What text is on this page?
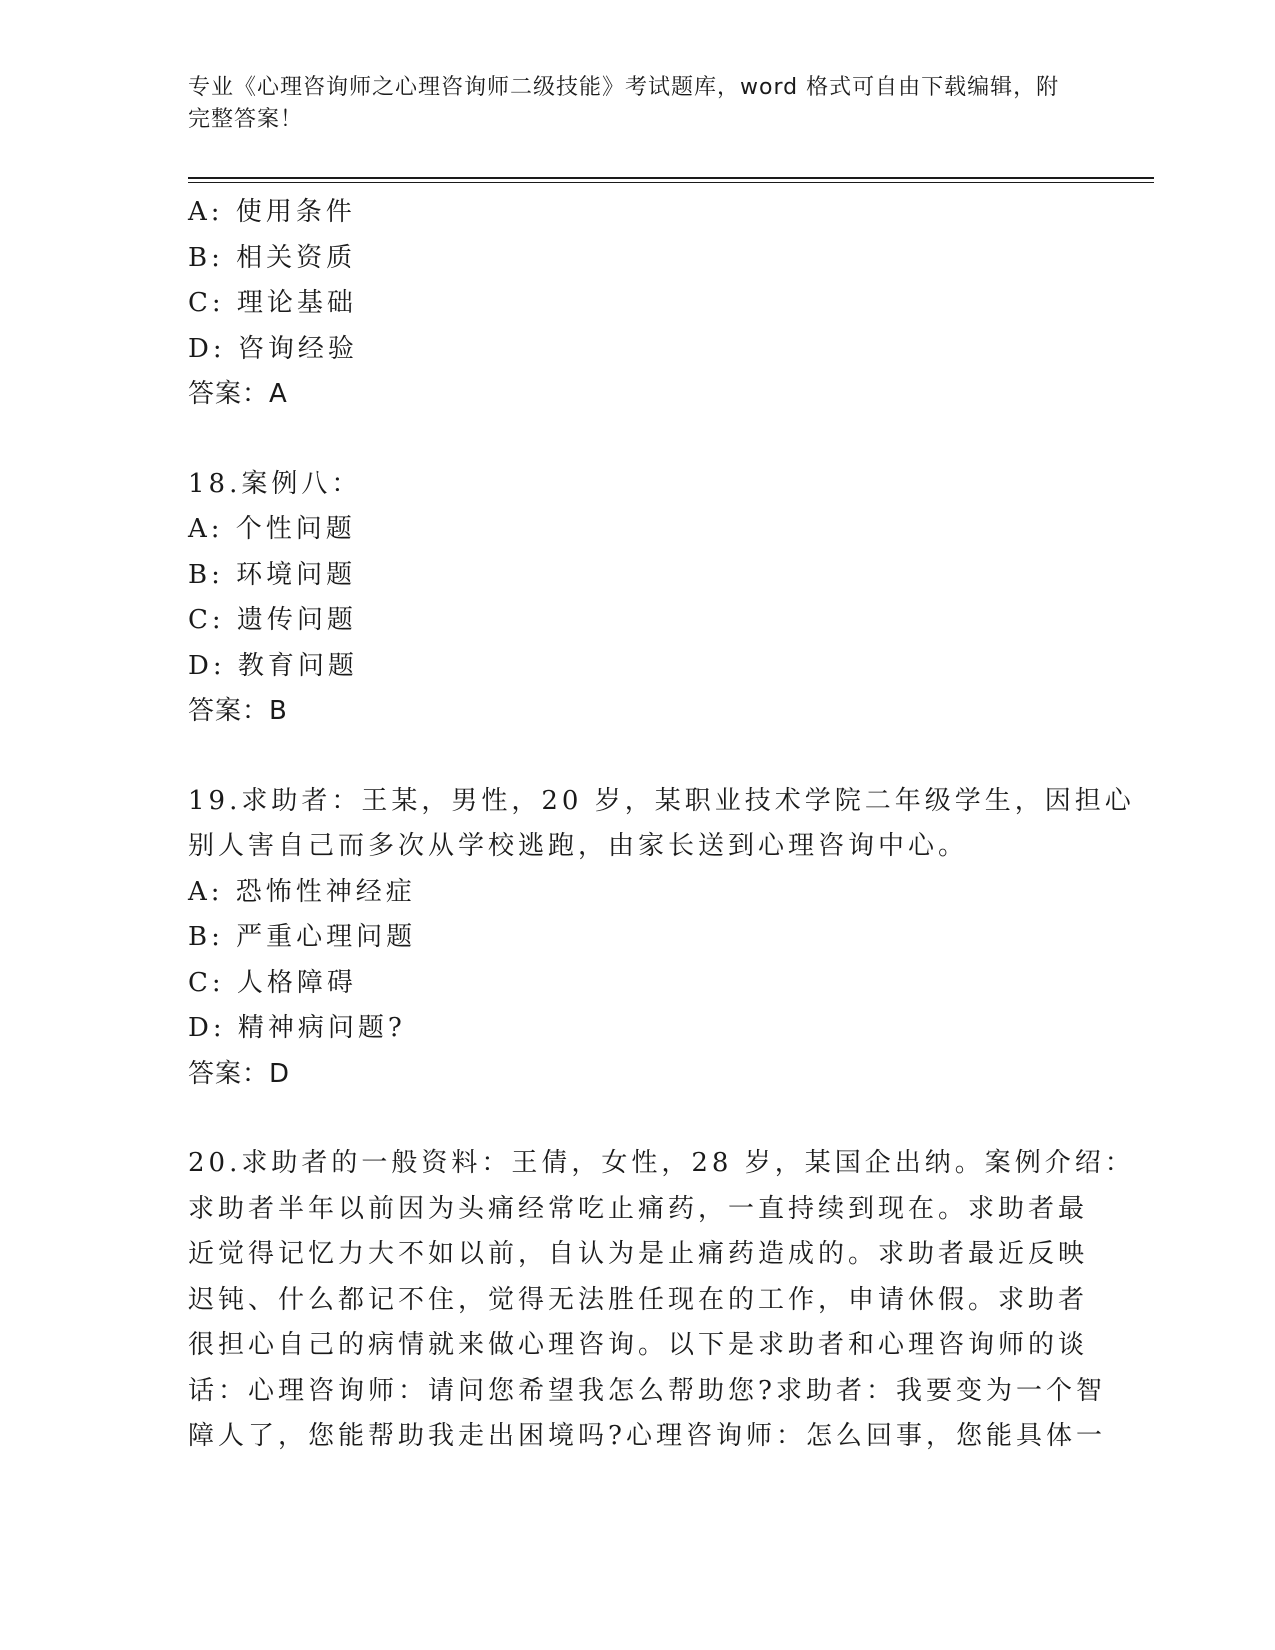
专业《心理咨询师之心理咨询师二级技能》考试题库，word 格式可自由下载编辑，附完整答案！
A: 使用条件
B: 相关资质
C: 理论基础
D: 咨询经验
答案：A
18.案例八：
A: 个性问题
B: 环境问题
C: 遗传问题
D: 教育问题
答案：B
19.求助者：王某，男性，20 岁，某职业技术学院二年级学生，因担心
别人害自己而多次从学校逃跑，由家长送到心理咨询中心。
A: 恐怖性神经症
B: 严重心理问题
C: 人格障碍
D: 精神病问题?
答案：D
20.求助者的一般资料：王倩，女性，28 岁，某国企出纳。案例介绍：
求助者半年以前因为头痛经常吃止痛药，一直持续到现在。求助者最
近觉得记忆力大不如以前，自认为是止痛药造成的。求助者最近反映
迟钝、什么都记不住，觉得无法胜任现在的工作，申请休假。求助者
很担心自己的病情就来做心理咨询。以下是求助者和心理咨询师的谈
话：心理咨询师：请问您希望我怎么帮助您?求助者：我要变为一个智
障人了，您能帮助我走出困境吗?心理咨询师：怎么回事，您能具体一
